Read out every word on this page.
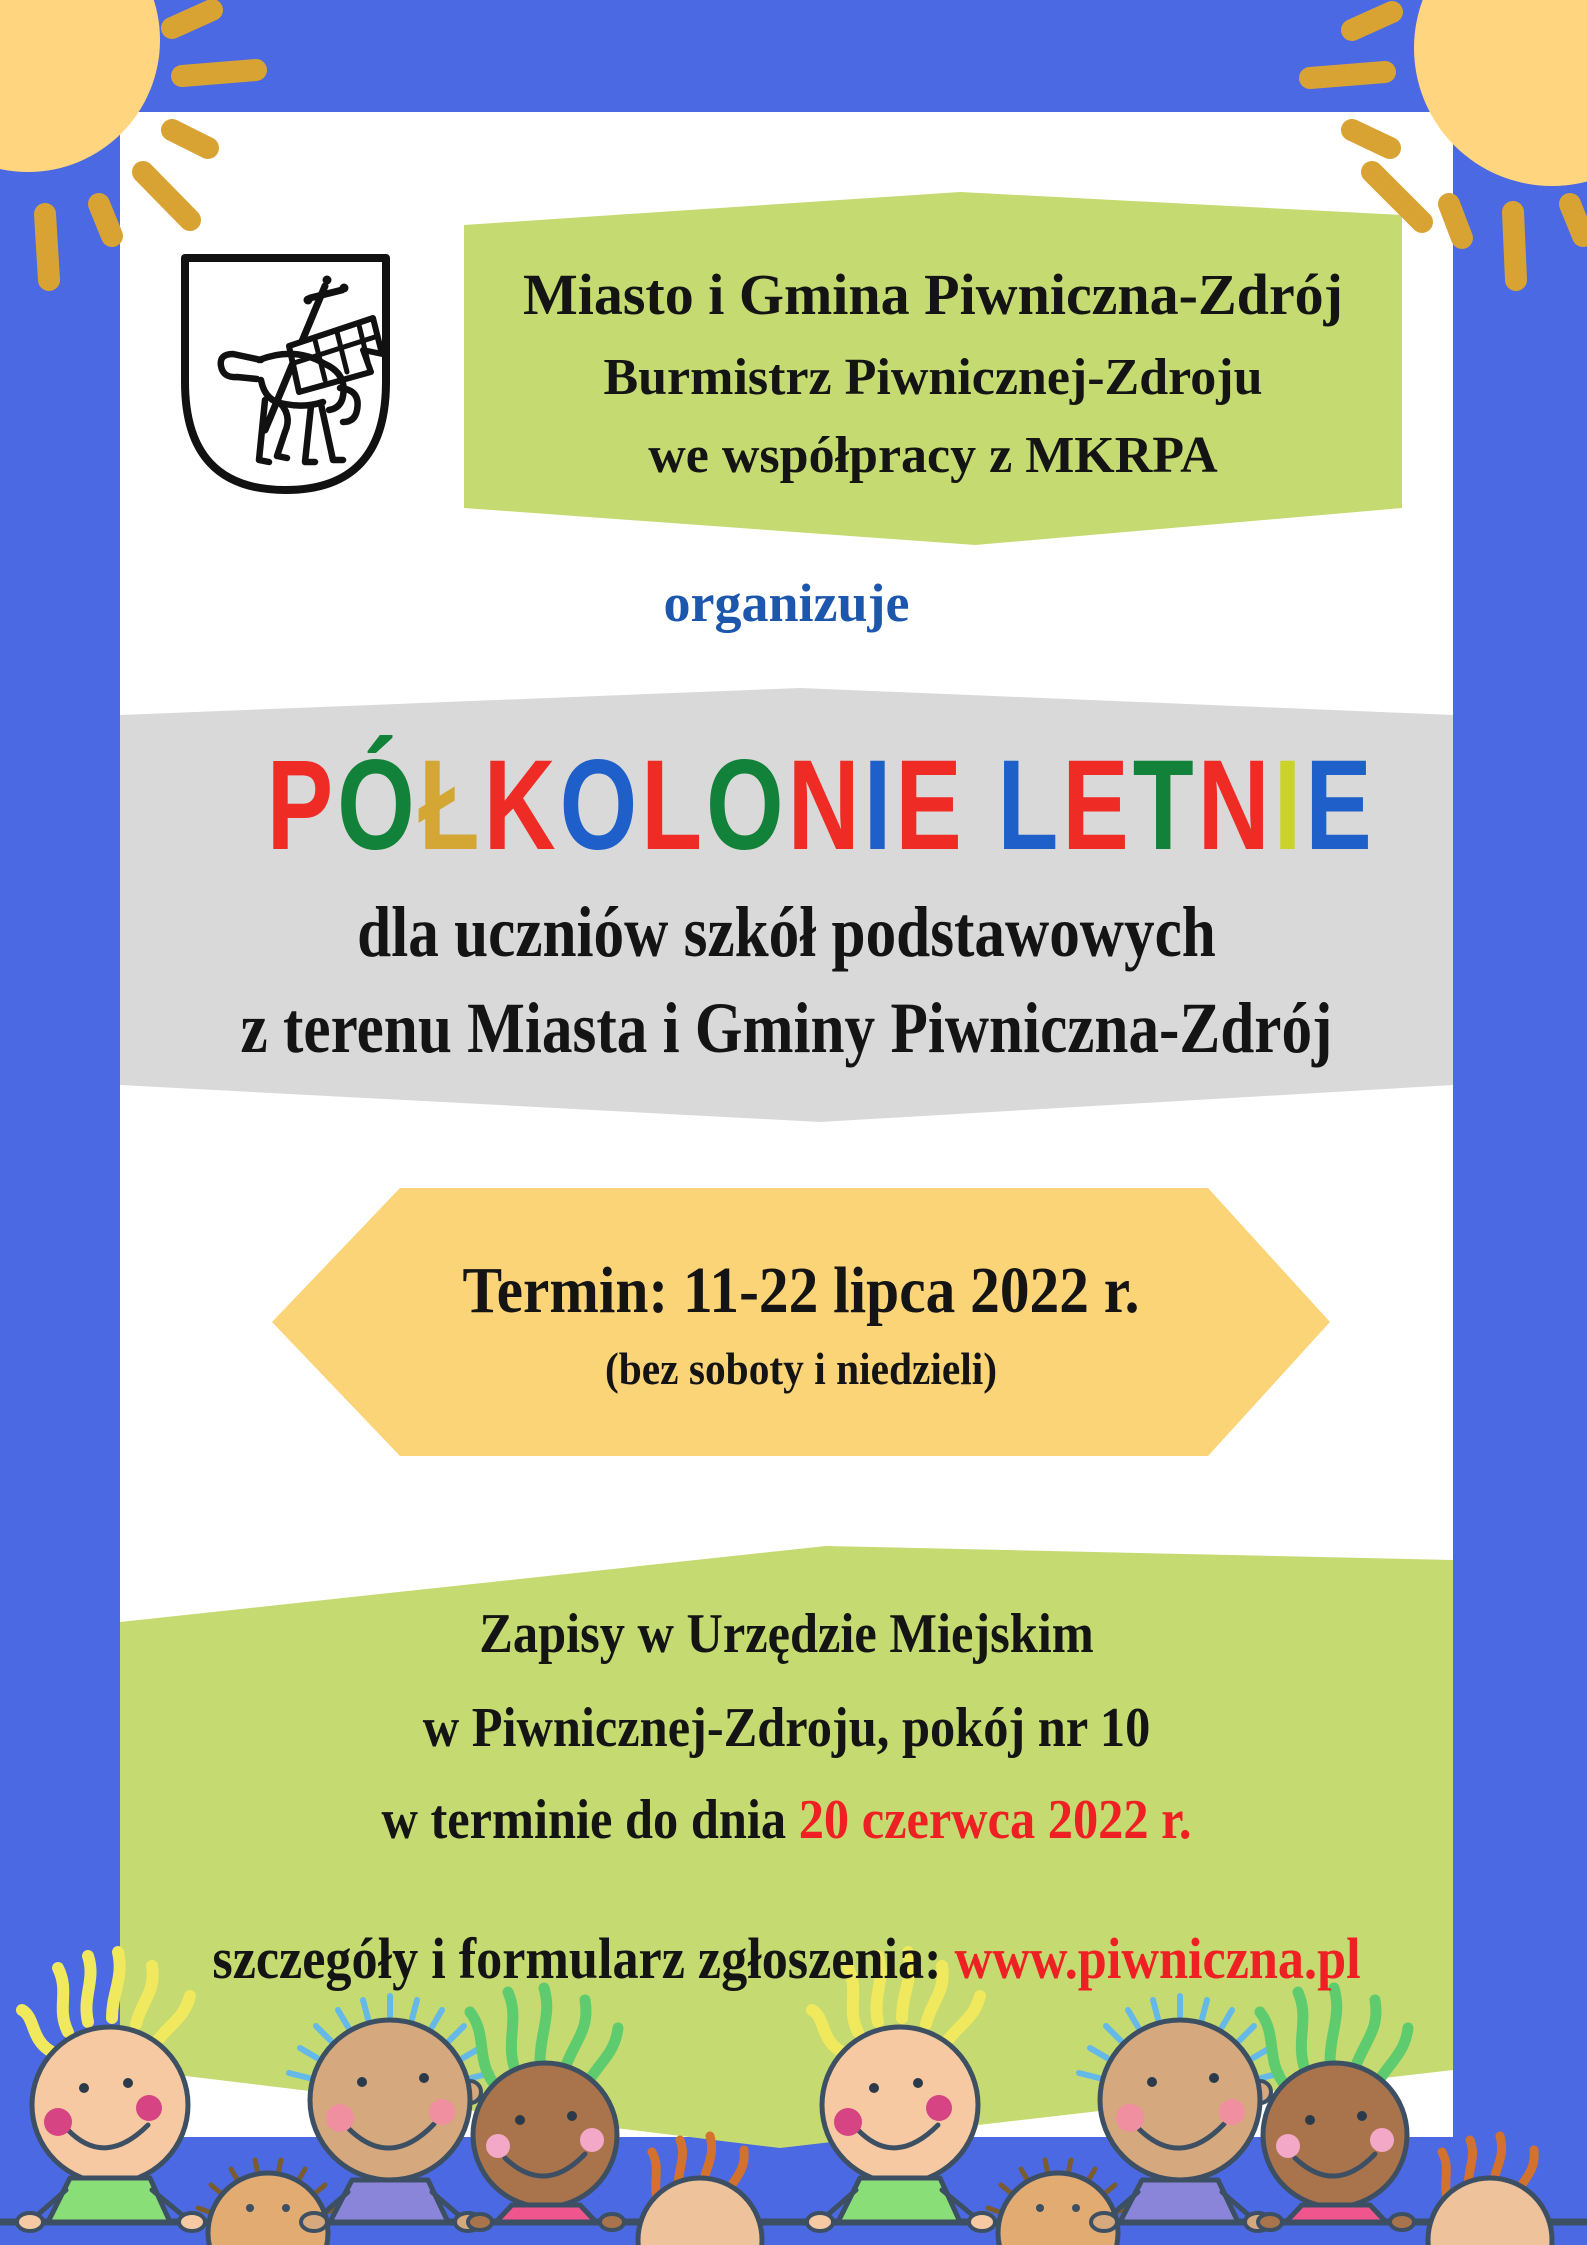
Miasto i Gmina Piwniczna-Zdrój
Burmistrz Piwnicznej-Zdroju
we współpracy z MKRPA
organizuje
PÓŁKOLONIE LETNIE
dla uczniów szkół podstawowych
z terenu Miasta i Gminy Piwniczna-Zdrój
Termin: 11-22 lipca 2022 r.
(bez soboty i niedzieli)
Zapisy w Urzędzie Miejskim
w Piwnicznej-Zdroju, pokój nr 10
w terminie do dnia 20 czerwca 2022 r.
szczegóły i formularz zgłoszenia: www.piwniczna.pl
